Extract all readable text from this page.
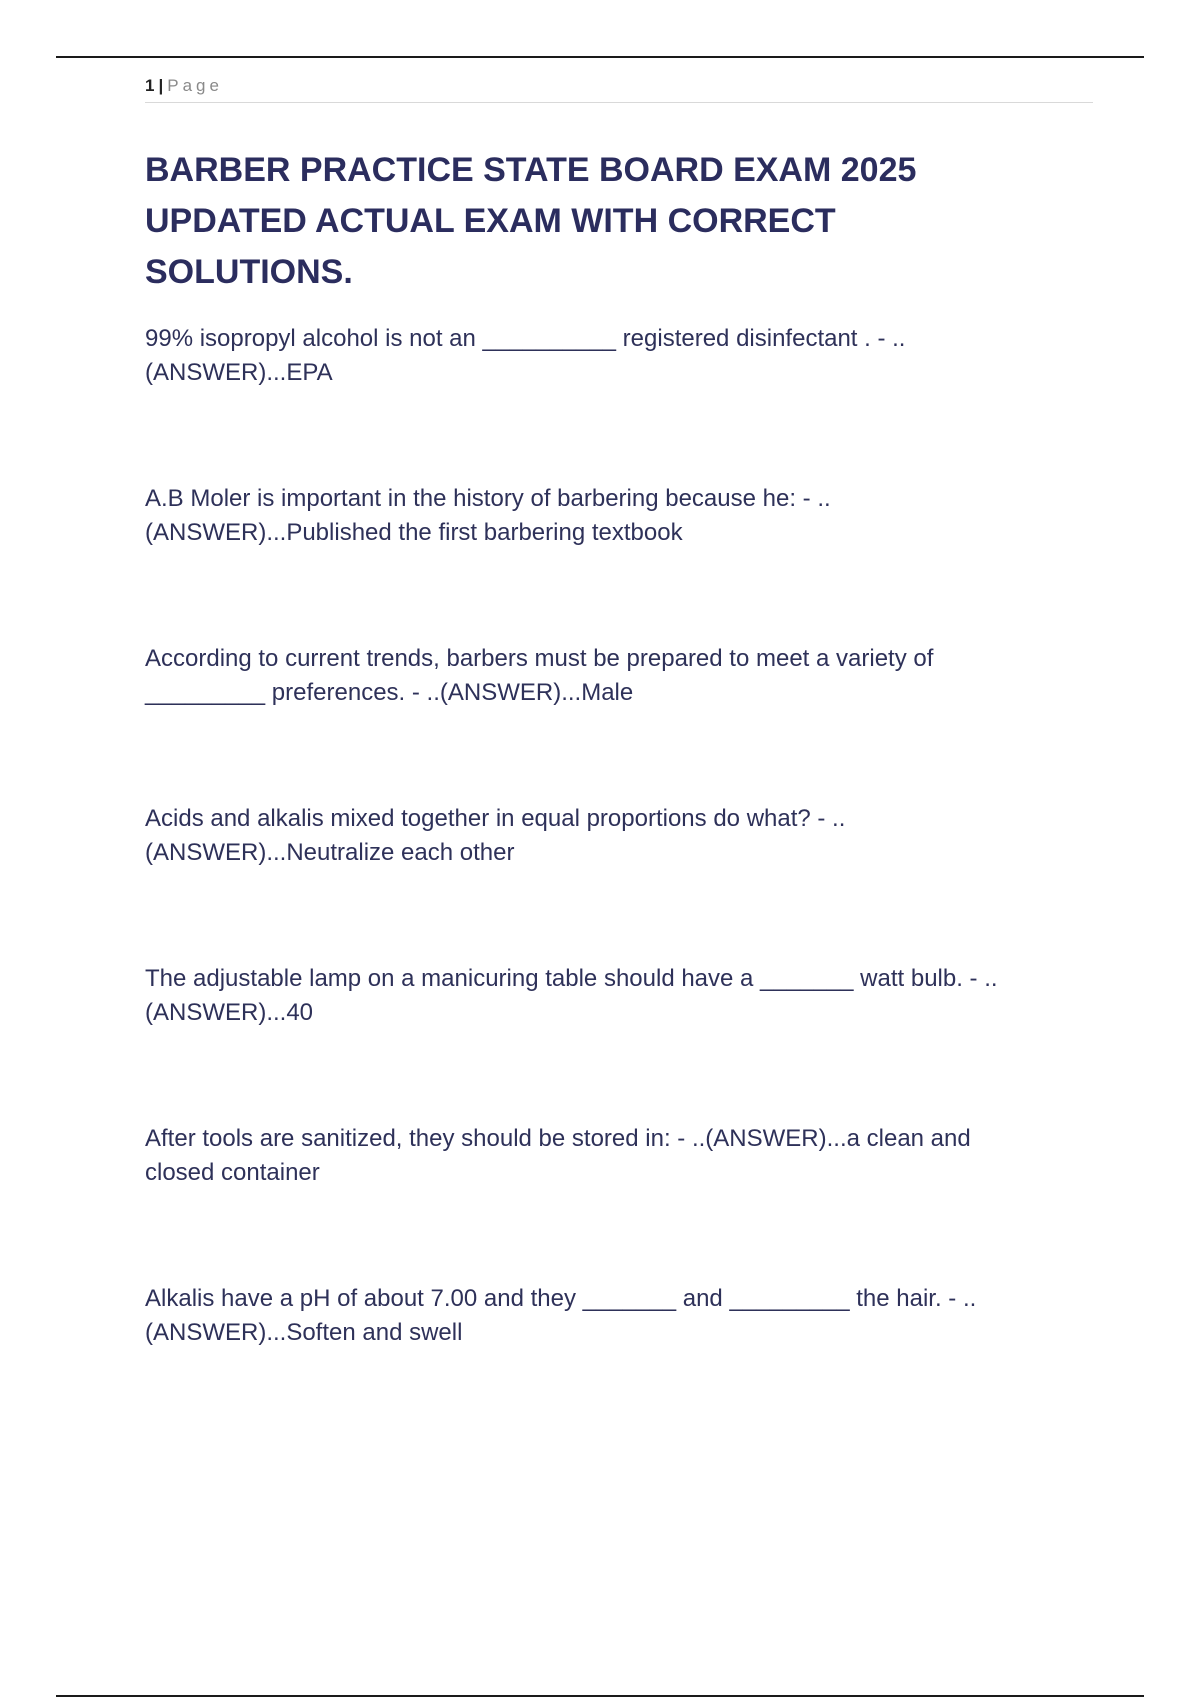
1 | Page
BARBER PRACTICE STATE BOARD EXAM 2025 UPDATED ACTUAL EXAM WITH CORRECT SOLUTIONS.

99% isopropyl alcohol is not an __________ registered disinfectant . - ..(ANSWER)...EPA

A.B Moler is important in the history of barbering because he: - ..(ANSWER)...Published the first barbering textbook

According to current trends, barbers must be prepared to meet a variety of _________ preferences. - ..(ANSWER)...Male

Acids and alkalis mixed together in equal proportions do what? - ..(ANSWER)...Neutralize each other

The adjustable lamp on a manicuring table should have a _______ watt bulb. - ..(ANSWER)...40

After tools are sanitized, they should be stored in: - ..(ANSWER)...a clean and closed container

Alkalis have a pH of about 7.00 and they _______ and _________ the hair. - ..(ANSWER)...Soften and swell
